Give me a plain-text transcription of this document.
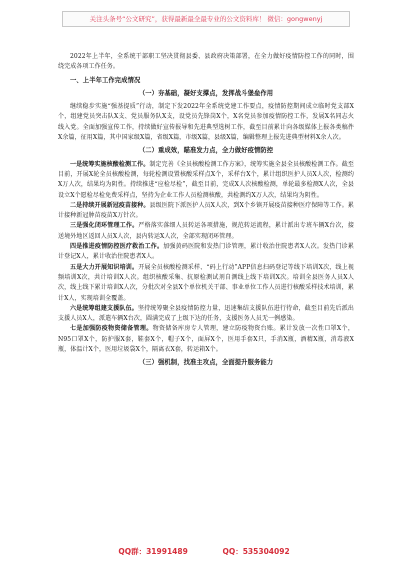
关注头条号“公文研究”，获得最新最全最专业的公文资料库！ 微信：gongwenyj

2022年上半年，全系统干部职工坚决贯彻县委、县政府决策部署，在全力做好疫情防控工作的同时，围绕完成各项工作任务。

一、上半年工作完成情况

（一）夯基础，凝好支撑点，发挥战斗堡垒作用

继续稳步实施“强基提质”行动，制定下发2022年全系统党建工作要点，疫情防控期间成立临时党支部X个，组建党员突击队X支、党员服务队X支，设党员先锋岗X个，X名党员参加疫情防控工作，发展X名同志火线入党。全面加强宣传工作，持续做好宣传报导和先进典型选树工作，截至目前累计向各级媒体上报各类稿件X余篇，征用X篇，其中国家级X篇，省级X篇，市级X篇，县级X篇，编辑整理上报先进典型材料X余人次。

（二）重成效，瞄准发力点，全力做好疫情防控

一是统筹实施核酸检测工作。制定完善《全员核酸检测工作方案》，统筹实施全县全员核酸检测工作。截至目前，开展X轮全员核酸检测，每轮检测设置核酸采样点X个，采样台X个，累计组织医护人员X人次，检测约X万人次，结果均为阴性。持续推进“应检尽检”，截至目前，完成X人次核酸检测，单轮最多检测X人次，全县设立X个愿检尽检免费采样点，坚持为企业工作人员检测核酸，共检测约X万人次，结果均为阴性。

二是持续开展新冠疫苗接种。县级医院下派医护人员X人次，到X个乡镇开展疫苗接种医疗保障等工作。累计接种新冠肿苗疫苗X万针次。

三是强化闭环管理工作。严格落实落细人员转运各项措施，规范转运流程，累计派出专班车辆X台次，接送境外地区返回人员X人次，县内转运X人次，全部实现闭环管理。

四是推进疫情防控医疗救治工作。加强黄码医院和发热门诊管理，累计收治住院患者X人次。发热门诊累计登记X人，累计收治住院患者X人。

五是大力开展知识培训。开展全员核酸检测采样、“码上行动”APP信息扫码登记等线下培训X次，线上视频培训X次，共计培训X人次。组织核酸采集、抗原检测试剂自测线上线下培训X次。培训全县医务人员X人次，线上线下累计培训X人次，分批次对全县X个单位机关干部、事业单位工作人员进行核酸采样技术培训，累计X人，实现培训全覆盖。

六是统筹组建支援队伍。坚持统筹聚全县疫情防控力量，迅速集结支援队伍进行待命，截至目前先后派出支援人员X人，派遣车辆X台次，圆满完成了上级下达的任务，支援医务人员无一例感染。

七是加强防疫物资储备管理。物资储备库房专人管理，建立防疫物资台账。累计发放一次性口罩X个，N95口罩X个，防护服X套，鞋套X个，帽子X个，面屏X个，医用手套X只，手消X瓶，酒精X瓶，消毒液X瓶，体温计X个，医用垃圾袋X个，隔离衣X套，转运箱X个。

（三）强机制，找准主攻点，全面提升服务能力

QQ群：31991489	QQ：535304092
